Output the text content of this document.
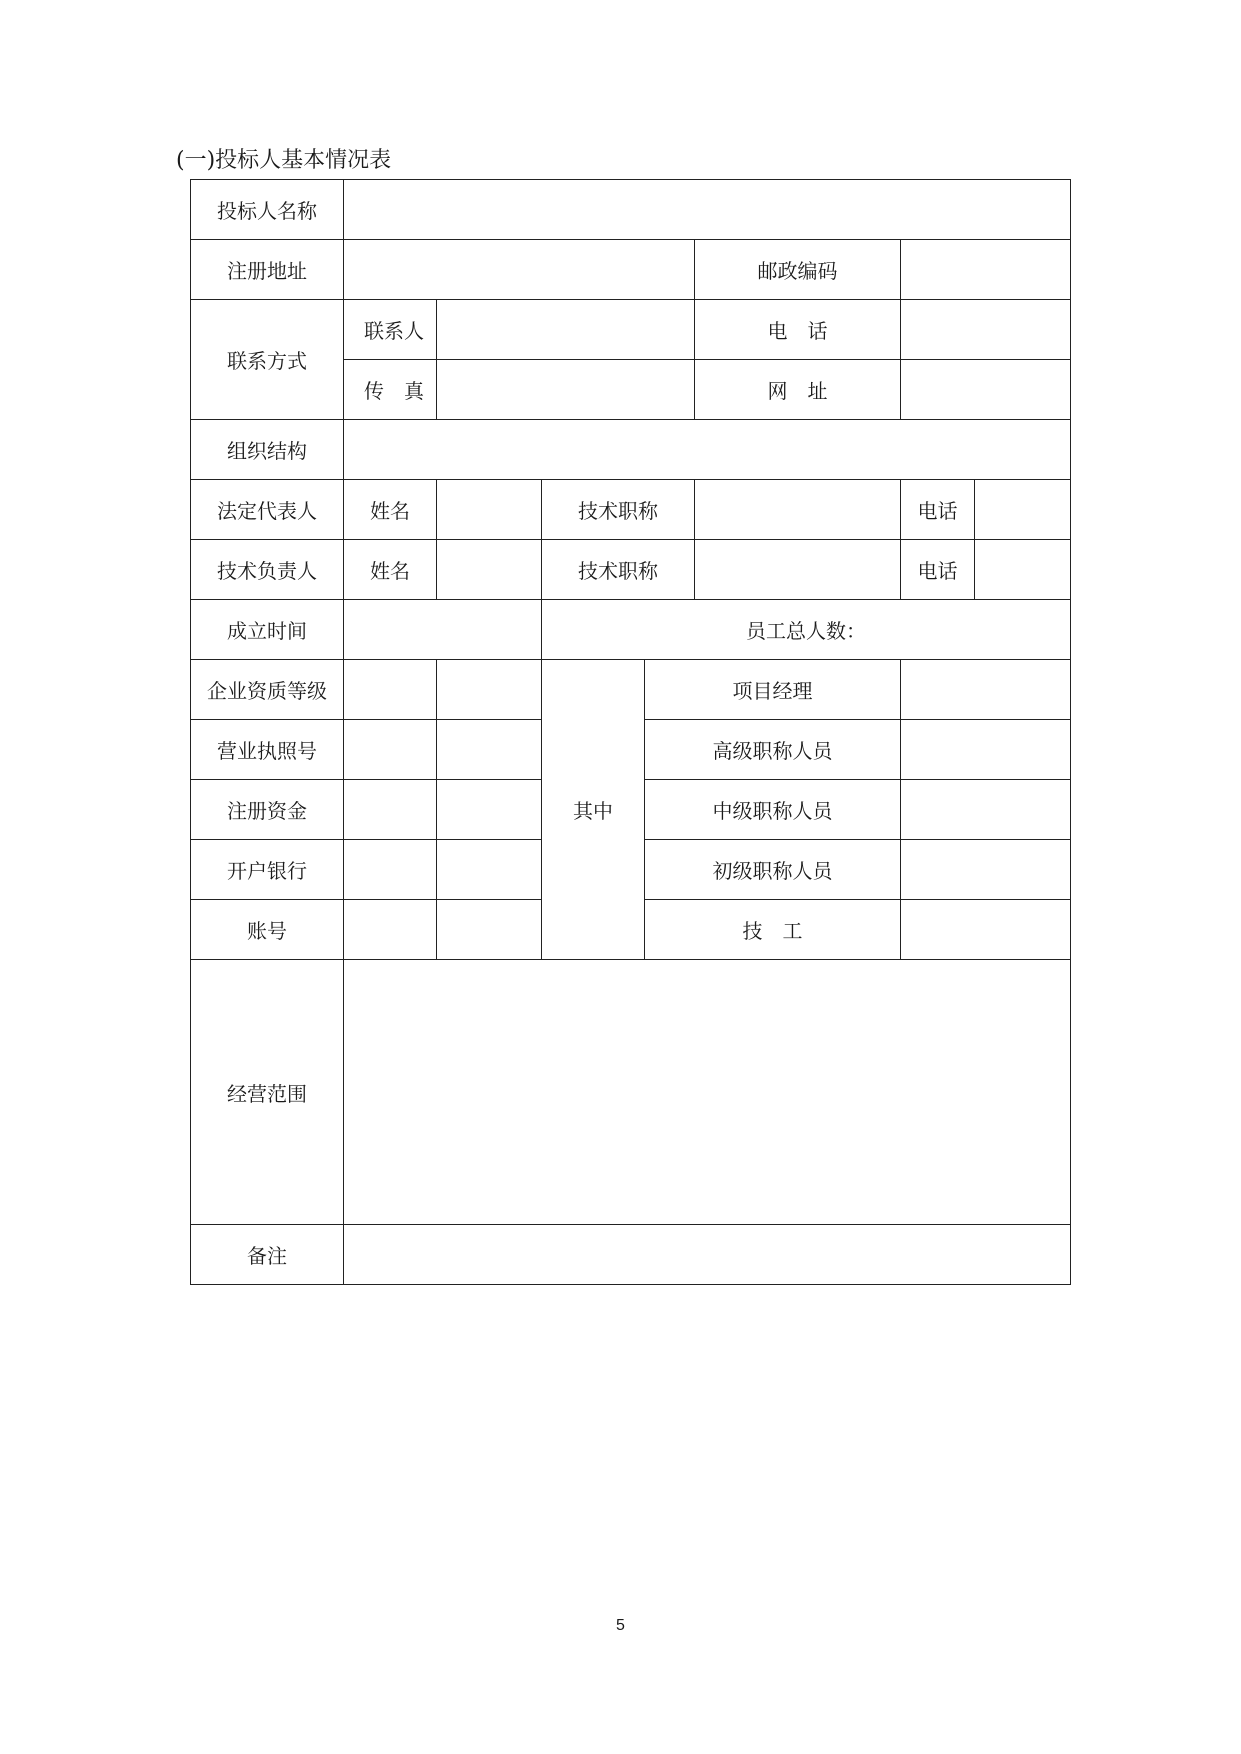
(一)投标人基本情况表
投标人名称							
注册地址					邮政编码		
联系方式	联系人				电　话		
	传　真				网　址		
组织结构							
法定代表人	姓名		技术职称			电话	
技术负责人	姓名		技术职称			电话	
成立时间			员工总人数：				
企业资质等级			其中	项目经理			
营业执照号				高级职称人员			
注册资金				中级职称人员			
开户银行				初级职称人员			
账号				技　工			
经营范围							
备注							
5
